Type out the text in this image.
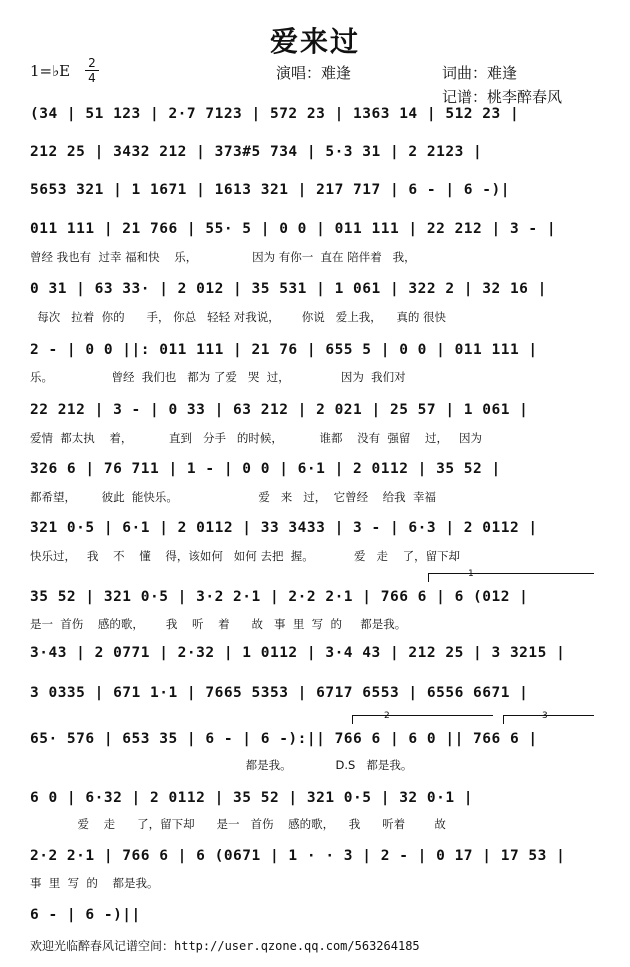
爱来过
1=♭E 2
4	演唱：难逢	词曲：难逢
记谱：桃李醉春风
(34 | 51 123 | 2·7 7123 | 572 23 | 1363 14 | 512 23 |
212 25 | 3432 212 | 373#5 734 | 5·3 31 | 2 2123 |
5653 321 | 1 1671 | 1613 321 | 217 717 | 6 - | 6 -)|
011 111 | 21 766 | 55· 5 | 0 0 | 011 111 | 22 212 | 3 - |
曾经 我也有  过幸 福和快    乐，               因为 有你一  直在 陪伴着   我，
0 31 | 63 33· | 2 012 | 35 531 | 1 061 | 322 2 | 32 16 |
每次   拉着  你的      手， 你总   轻轻 对我说，      你说   爱上我，    真的 很快
2 - | 0 0 ||: 011 111 | 21 76 | 655 5 | 0 0 | 011 111 |
乐。                曾经  我们也   都为 了爱   哭  过，              因为  我们对
22 212 | 3 - | 0 33 | 63 212 | 2 021 | 25 57 | 1 061 |
爱情  都太执    着，          直到   分手   的时候，          谁都    没有  强留    过，   因为
326 6 | 76 711 | 1 - | 0 0 | 6·1 | 2 0112 | 35 52 |
都希望，       彼此  能快乐。                      爱   来   过，  它曾经    给我  幸福
321 0·5 | 6·1 | 2 0112 | 33 3433 | 3 - | 6·3 | 2 0112 |
快乐过，   我    不    懂    得，该如何   如何 去把  握。           爱   走    了，留下却
1
35 52 | 321 0·5 | 3·2 2·1 | 2·2 2·1 | 766 6 | 6 (012 |
是一  首伤    感的歌，      我    听    着      故   事  里  写  的     都是我。
3·43 | 2 0771 | 2·32 | 1 0112 | 3·4 43 | 212 25 | 3 3215 |
3 0335 | 671 1·1 | 7665 5353 | 6717 6553 | 6556 6671 |
2	3
65· 576 | 653 35 | 6 - | 6 -):|| 766 6 | 6 0 || 766 6 |
都是我。            D.S   都是我。
6 0 | 6·32 | 2 0112 | 35 52 | 321 0·5 | 32 0·1 |
爱    走      了，留下却      是一   首伤    感的歌，    我      听着        故
2·2 2·1 | 766 6 | 6 (0671 | 1 · · 3 | 2 - | 0 17 | 17 53 |
事  里  写  的    都是我。
6 - | 6 -)||
欢迎光临醉春风记谱空间：http://user.qzone.qq.com/563264185
